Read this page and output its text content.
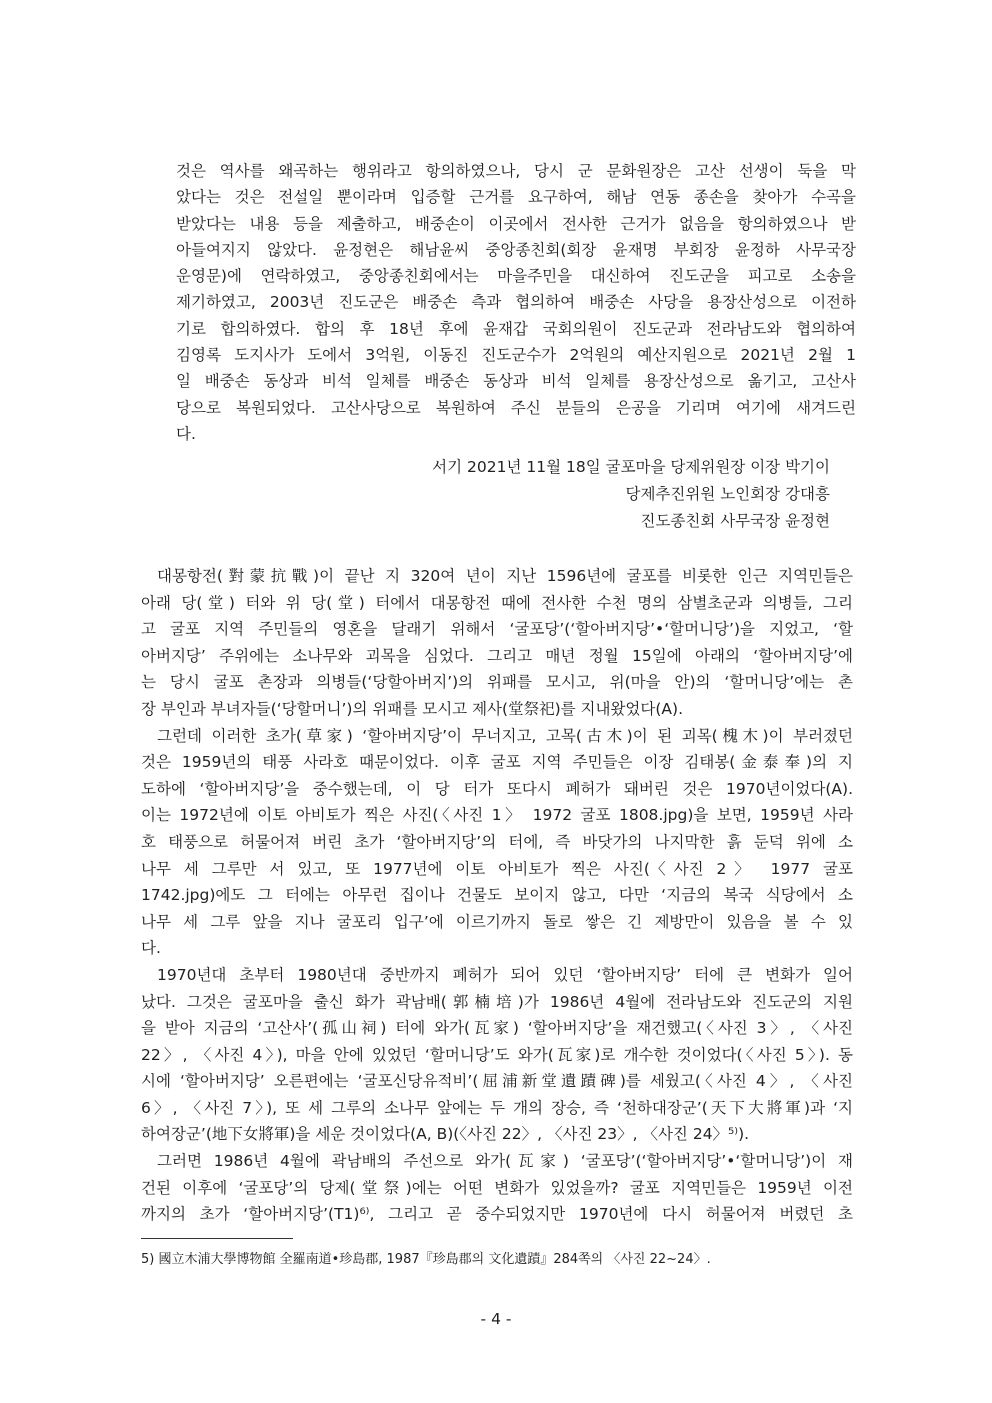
것은 역사를 왜곡하는 행위라고 항의하였으나, 당시 군 문화원장은 고산 선생이 둑을 막
았다는 것은 전설일 뿐이라며 입증할 근거를 요구하여, 해남 연동 종손을 찾아가 수곡을
받았다는 내용 등을 제출하고, 배중손이 이곳에서 전사한 근거가 없음을 항의하였으나 받
아들여지지 않았다. 윤정현은 해남윤씨 중앙종친회(회장 윤재명 부회장 윤정하 사무국장
운영문)에 연락하였고, 중앙종친회에서는 마을주민을 대신하여 진도군을 피고로 소송을
제기하였고, 2003년 진도군은 배중손 측과 협의하여 배중손 사당을 용장산성으로 이전하
기로 합의하였다. 합의 후 18년 후에 윤재갑 국회의원이 진도군과 전라남도와 협의하여
김영록 도지사가 도에서 3억원, 이동진 진도군수가 2억원의 예산지원으로 2021년 2월 1
일 배중손 동상과 비석 일체를 배중손 동상과 비석 일체를 용장산성으로 옮기고, 고산사
당으로 복원되었다. 고산사당으로 복원하여 주신 분들의 은공을 기리며 여기에 새겨드린
다.
서기 2021년 11월 18일 굴포마을 당제위원장 이장 박기이
당제추진위원 노인회장 강대흥
진도종친회 사무국장 윤정현
대몽항전(對蒙抗戰)이 끝난 지 320여 년이 지난 1596년에 굴포를 비롯한 인근 지역민들은
아래 당(堂) 터와 위 당(堂) 터에서 대몽항전 때에 전사한 수천 명의 삼별초군과 의병들, 그리
고 굴포 지역 주민들의 영혼을 달래기 위해서 ‘굴포당’(‘할아버지당’•‘할머니당’)을 지었고, ‘할
아버지당’ 주위에는 소나무와 괴목을 심었다. 그리고 매년 정월 15일에 아래의 ‘할아버지당’에
는 당시 굴포 촌장과 의병들(‘당할아버지’)의 위패를 모시고, 위(마을 안)의 ‘할머니당’에는 촌
장 부인과 부녀자들(‘당할머니’)의 위패를 모시고 제사(堂祭祀)를 지내왔었다(A).
그런데 이러한 초가(草家) ‘할아버지당’이 무너지고, 고목(古木)이 된 괴목(槐木)이 부러졌던
것은 1959년의 태풍 사라호 때문이었다. 이후 굴포 지역 주민들은 이장 김태봉(金泰奉)의 지
도하에 ‘할아버지당’을 중수했는데, 이 당 터가 또다시 폐허가 돼버린 것은 1970년이었다(A).
이는 1972년에 이토 아비토가 찍은 사진(〈사진 1〉 1972 굴포 1808.jpg)을 보면, 1959년 사라
호 태풍으로 허물어져 버린 초가 ‘할아버지당’의 터에, 즉 바닷가의 나지막한 흙 둔덕 위에 소
나무 세 그루만 서 있고, 또 1977년에 이토 아비토가 찍은 사진(〈사진 2〉 1977 굴포
1742.jpg)에도 그 터에는 아무런 집이나 건물도 보이지 않고, 다만 ‘지금의 복국 식당에서 소
나무 세 그루 앞을 지나 굴포리 입구’에 이르기까지 돌로 쌓은 긴 제방만이 있음을 볼 수 있
다.
1970년대 초부터 1980년대 중반까지 폐허가 되어 있던 ‘할아버지당’ 터에 큰 변화가 일어
났다. 그것은 굴포마을 출신 화가 곽남배(郭楠培)가 1986년 4월에 전라남도와 진도군의 지원
을 받아 지금의 ‘고산사’(孤山祠) 터에 와가(瓦家) ‘할아버지당’을 재건했고(〈사진 3〉, 〈사진
22〉, 〈사진 4〉), 마을 안에 있었던 ‘할머니당’도 와가(瓦家)로 개수한 것이었다(〈사진 5〉). 동
시에 ‘할아버지당’ 오른편에는 ‘굴포신당유적비’(屈浦新堂遺蹟碑)를 세웠고(〈사진 4〉, 〈사진
6〉, 〈사진 7〉), 또 세 그루의 소나무 앞에는 두 개의 장승, 즉 ‘천하대장군’(天下大將軍)과 ‘지
하여장군’(地下女將軍)을 세운 것이었다(A, B)(〈사진 22〉, 〈사진 23〉, 〈사진 24〉⁵⁾).
그러면 1986년 4월에 곽남배의 주선으로 와가(瓦家) ‘굴포당’(‘할아버지당’•‘할머니당’)이 재
건된 이후에 ‘굴포당’의 당제(堂祭)에는 어떤 변화가 있었을까? 굴포 지역민들은 1959년 이전
까지의 초가 ‘할아버지당’(T1)⁶⁾, 그리고 곧 중수되었지만 1970년에 다시 허물어져 버렸던 초
5) 國立木浦大學博物館 全羅南道•珍島郡, 1987『珍島郡의 文化遺蹟』284쪽의 〈사진 22~24〉.
- 4 -
